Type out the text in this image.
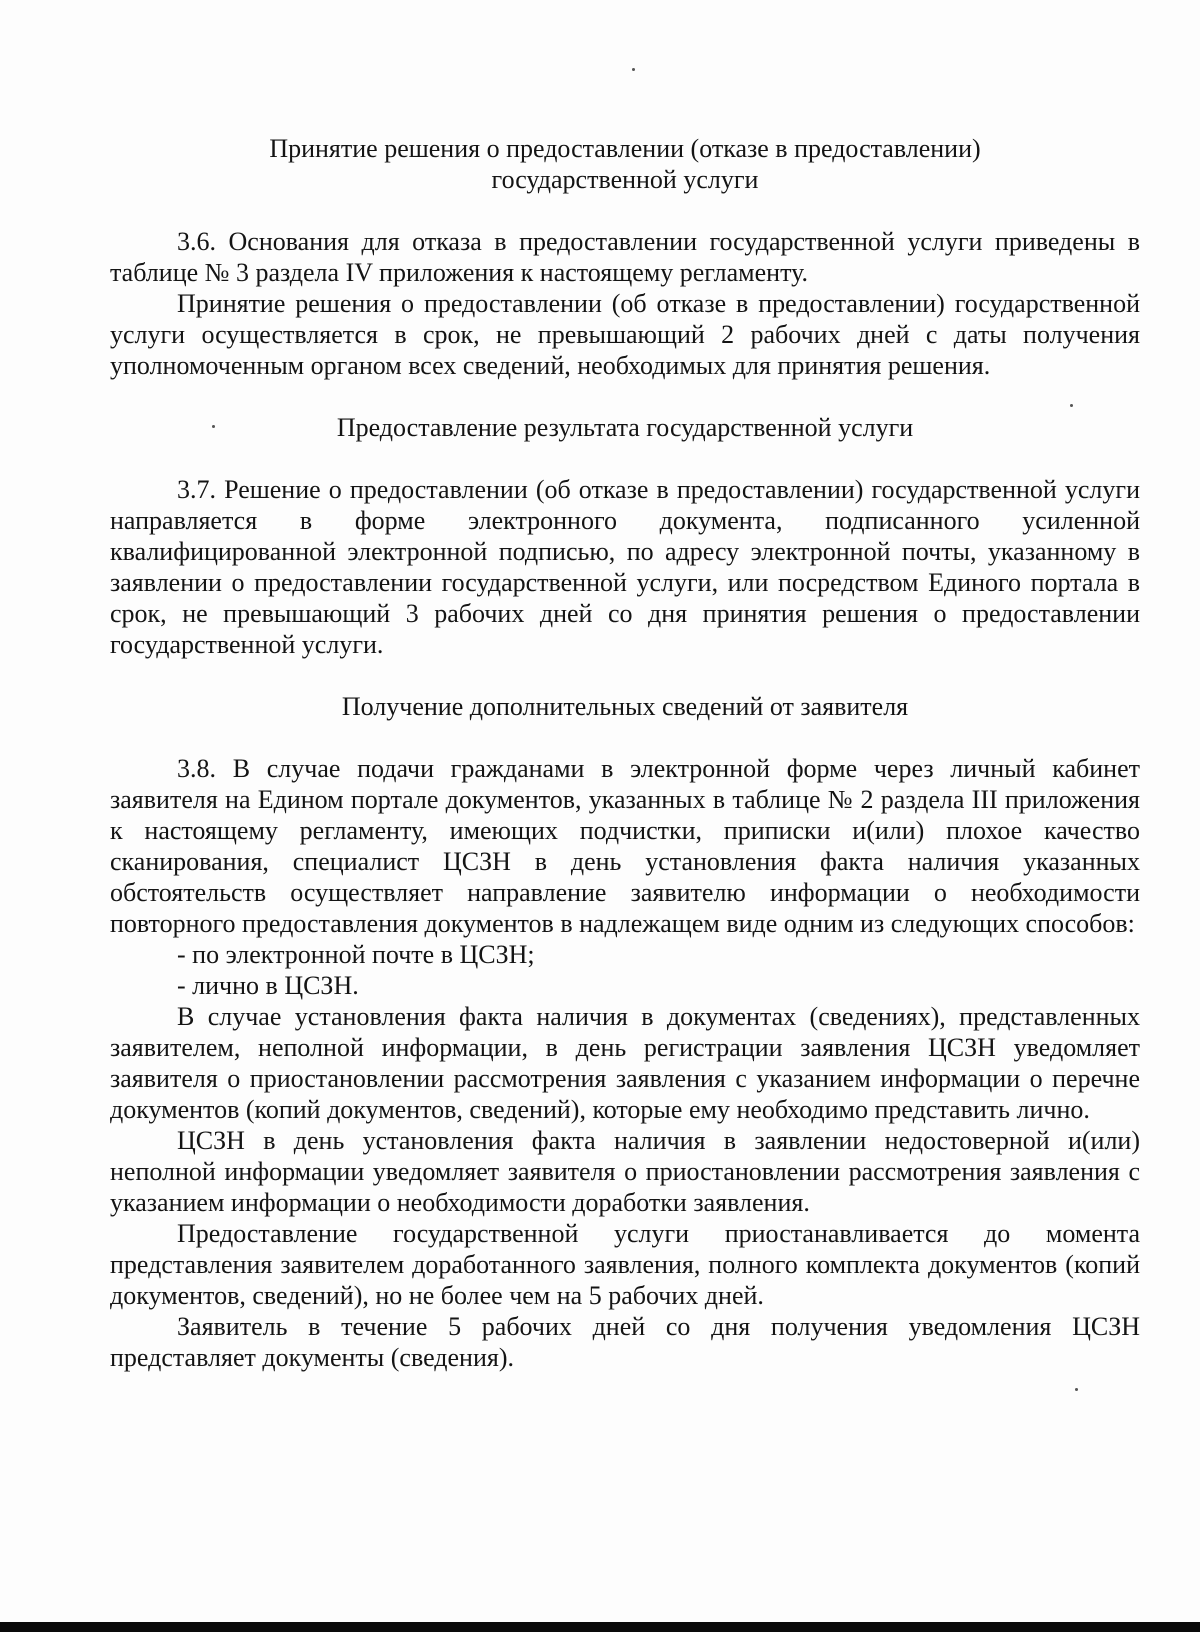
Принятие решения о предоставлении (отказе в предоставлении)
государственной услуги

3.6. Основания для отказа в предоставлении государственной услуги приведены в таблице № 3 раздела IV приложения к настоящему регламенту.

Принятие решения о предоставлении (об отказе в предоставлении) государственной услуги осуществляется в срок, не превышающий 2 рабочих дней с даты получения уполномоченным органом всех сведений, необходимых для принятия решения.

Предоставление результата государственной услуги

3.7. Решение о предоставлении (об отказе в предоставлении) государственной услуги направляется в форме электронного документа, подписанного усиленной квалифицированной электронной подписью, по адресу электронной почты, указанному в заявлении о предоставлении государственной услуги, или посредством Единого портала в срок, не превышающий 3 рабочих дней со дня принятия решения о предоставлении государственной услуги.

Получение дополнительных сведений от заявителя

3.8. В случае подачи гражданами в электронной форме через личный кабинет заявителя на Едином портале документов, указанных в таблице № 2 раздела III приложения к настоящему регламенту, имеющих подчистки, приписки и(или) плохое качество сканирования, специалист ЦСЗН в день установления факта наличия указанных обстоятельств осуществляет направление заявителю информации о необходимости повторного предоставления документов в надлежащем виде одним из следующих способов:

- по электронной почте в ЦСЗН;

- лично в ЦСЗН.

В случае установления факта наличия в документах (сведениях), представленных заявителем, неполной информации, в день регистрации заявления ЦСЗН уведомляет заявителя о приостановлении рассмотрения заявления с указанием информации о перечне документов (копий документов, сведений), которые ему необходимо представить лично.

ЦСЗН в день установления факта наличия в заявлении недостоверной и(или) неполной информации уведомляет заявителя о приостановлении рассмотрения заявления с указанием информации о необходимости доработки заявления.

Предоставление государственной услуги приостанавливается до момента представления заявителем доработанного заявления, полного комплекта документов (копий документов, сведений), но не более чем на 5 рабочих дней.

Заявитель в течение 5 рабочих дней со дня получения уведомления ЦСЗН представляет документы (сведения).
